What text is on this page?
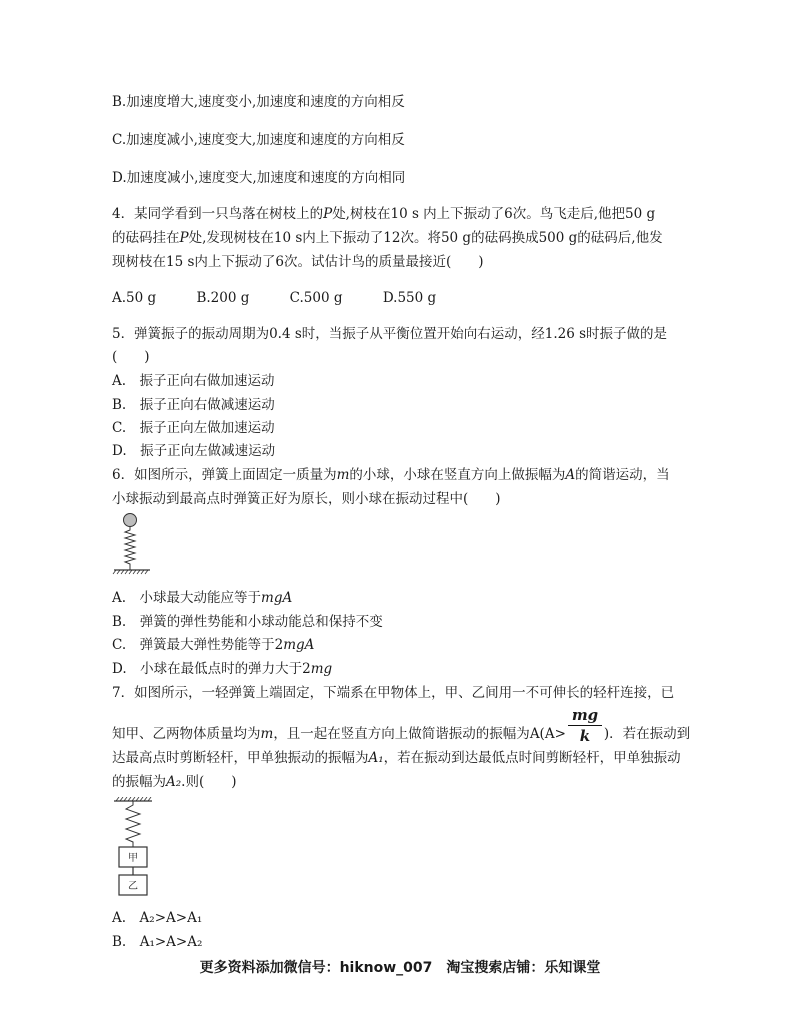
B.加速度增大,速度变小,加速度和速度的方向相反
C.加速度减小,速度变大,加速度和速度的方向相反
D.加速度减小,速度变大,加速度和速度的方向相同
4．某同学看到一只鸟落在树枝上的P处,树枝在10 s 内上下振动了6次。鸟飞走后,他把50 g
的砝码挂在P处,发现树枝在10 s内上下振动了12次。将50 g的砝码换成500 g的砝码后,他发
现树枝在15 s内上下振动了6次。试估计鸟的质量最接近(　　)
A.50 g	B.200 g	C.500 g	D.550 g
5．弹簧振子的振动周期为0.4 s时，当振子从平衡位置开始向右运动，经1.26 s时振子做的是
(　　)
A.　振子正向右做加速运动
B.　振子正向右做减速运动
C.　振子正向左做加速运动
D.　振子正向左做减速运动
6．如图所示，弹簧上面固定一质量为m的小球，小球在竖直方向上做振幅为A的简谐运动，当
小球振动到最高点时弹簧正好为原长，则小球在振动过程中(　　)
A.　小球最大动能应等于mgA
B.　弹簧的弹性势能和小球动能总和保持不变
C.　弹簧最大弹性势能等于2mgA
D.　小球在最低点时的弹力大于2mg
7．如图所示，一轻弹簧上端固定，下端系在甲物体上，甲、乙间用一不可伸长的轻杆连接，已
知甲、乙两物体质量均为m，且一起在竖直方向上做简谐振动的振幅为A(A>	)．若在振动到
mg
k
达最高点时剪断轻杆，甲单独振动的振幅为A₁，若在振动到达最低点时间剪断轻杆，甲单独振动
的振幅为A₂.则(　　)
甲
乙
A.　A₂>A>A₁
B.　A₁>A>A₂
更多资料添加微信号：hiknow_007　淘宝搜索店铺：乐知课堂
